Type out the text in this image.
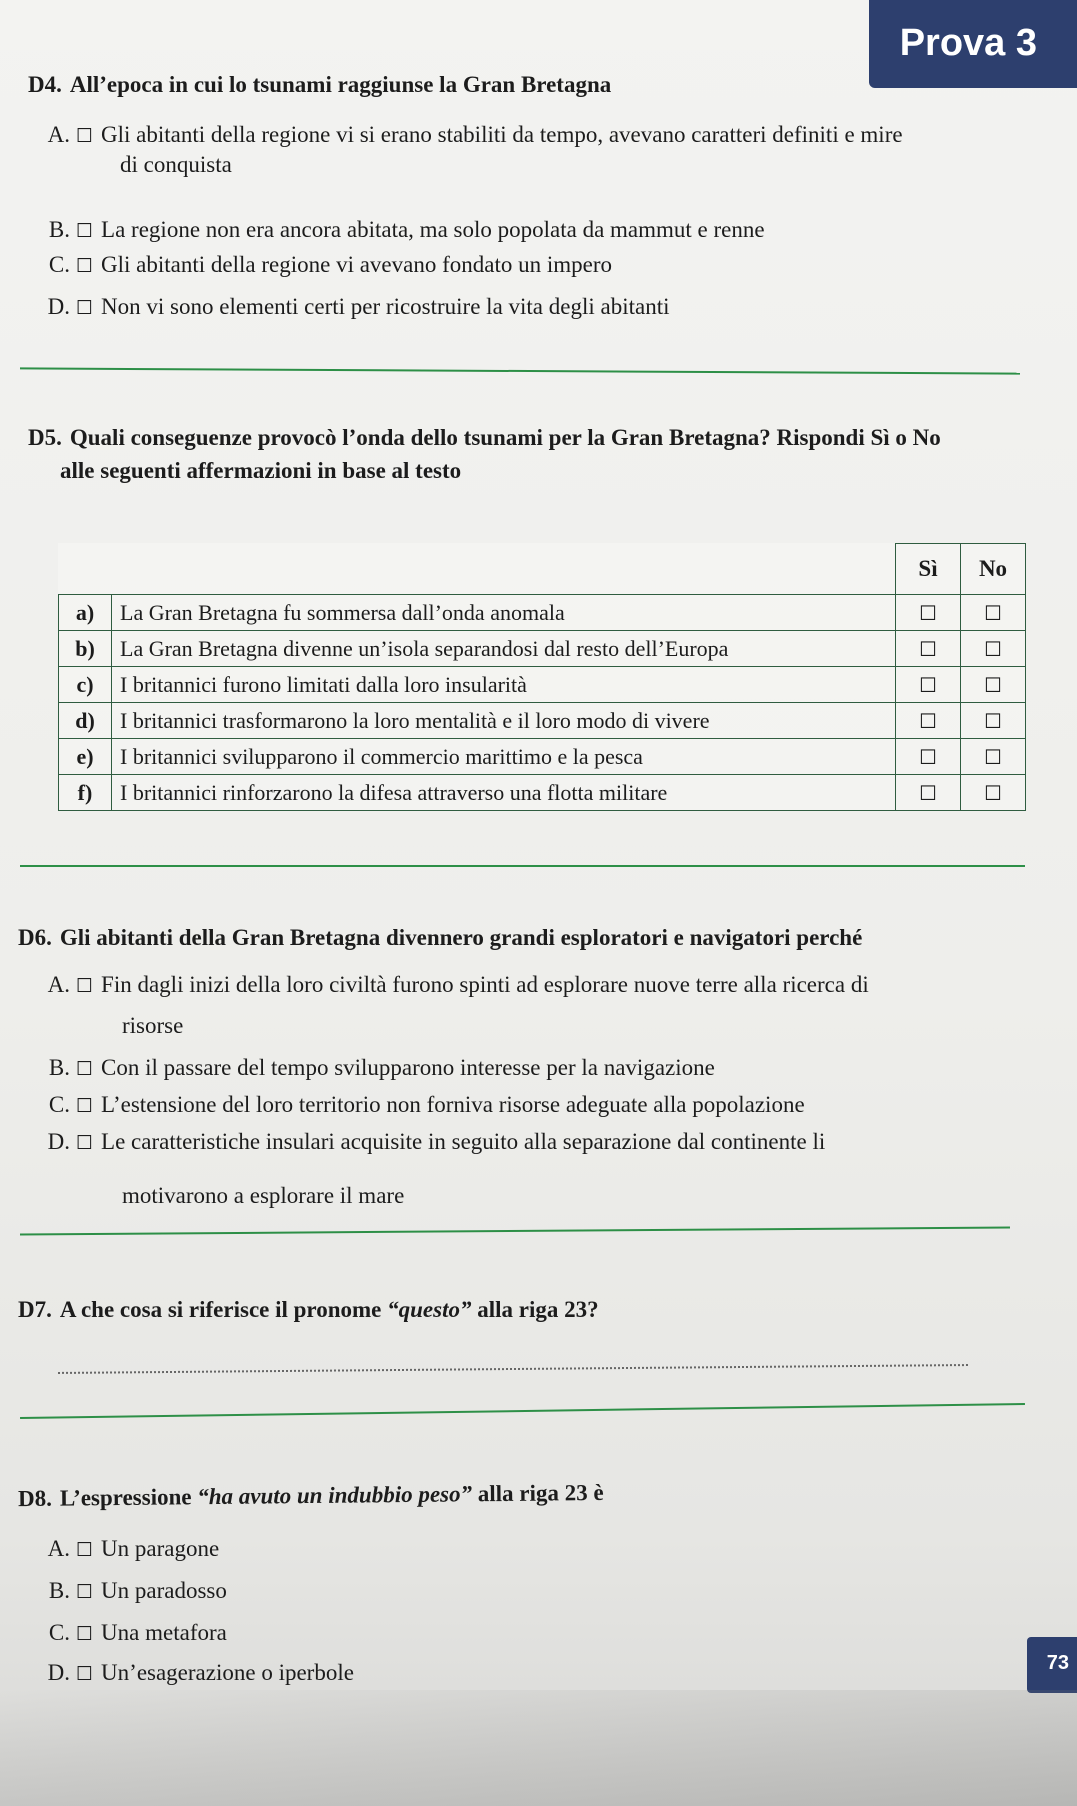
Prova 3
D4. All’epoca in cui lo tsunami raggiunse la Gran Bretagna
A. ☐ Gli abitanti della regione vi si erano stabiliti da tempo, avevano caratteri definiti e mire
di conquista
B. ☐ La regione non era ancora abitata, ma solo popolata da mammut e renne
C. ☐ Gli abitanti della regione vi avevano fondato un impero
D. ☐ Non vi sono elementi certi per ricostruire la vita degli abitanti
D5. Quali conseguenze provocò l’onda dello tsunami per la Gran Bretagna? Rispondi Sì o No
alle seguenti affermazioni in base al testo
		Sì	No
a)	La Gran Bretagna fu sommersa dall’onda anomala	☐	☐
b)	La Gran Bretagna divenne un’isola separandosi dal resto dell’Europa	☐	☐
c)	I britannici furono limitati dalla loro insularità	☐	☐
d)	I britannici trasformarono la loro mentalità e il loro modo di vivere	☐	☐
e)	I britannici svilupparono il commercio marittimo e la pesca	☐	☐
f)	I britannici rinforzarono la difesa attraverso una flotta militare	☐	☐
D6. Gli abitanti della Gran Bretagna divennero grandi esploratori e navigatori perché
A. ☐ Fin dagli inizi della loro civiltà furono spinti ad esplorare nuove terre alla ricerca di
risorse
B. ☐ Con il passare del tempo svilupparono interesse per la navigazione
C. ☐ L’estensione del loro territorio non forniva risorse adeguate alla popolazione
D. ☐ Le caratteristiche insulari acquisite in seguito alla separazione dal continente li
motivarono a esplorare il mare
D7. A che cosa si riferisce il pronome “questo” alla riga 23?
D8. L’espressione “ha avuto un indubbio peso” alla riga 23 è
A. ☐ Un paragone
B. ☐ Un paradosso
C. ☐ Una metafora
D. ☐ Un’esagerazione o iperbole	73
